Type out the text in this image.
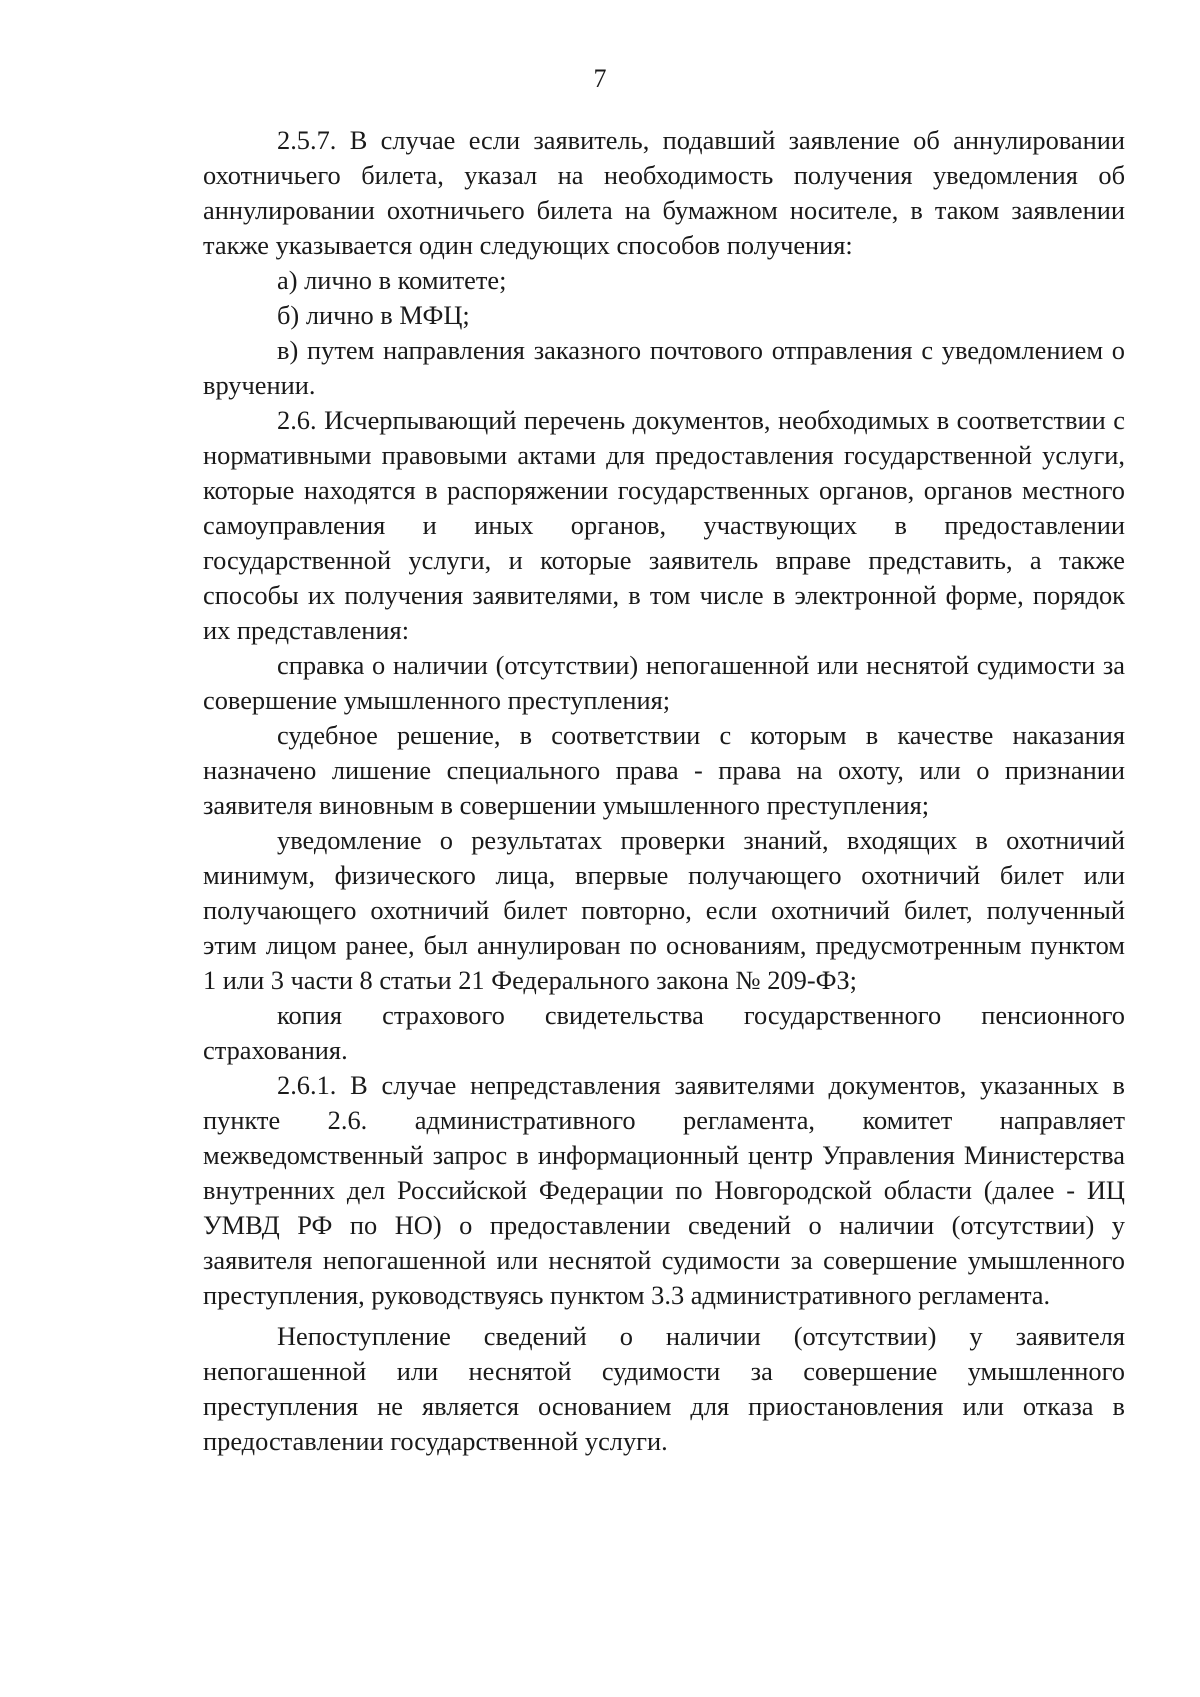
7

2.5.7. В случае если заявитель, подавший заявление об аннулировании охотничьего билета, указал на необходимость получения уведомления об аннулировании охотничьего билета на бумажном носителе, в таком заявлении также указывается один следующих способов получения:

а) лично в комитете;

б) лично в МФЦ;

в) путем направления заказного почтового отправления с уведомлением о вручении.

2.6. Исчерпывающий перечень документов, необходимых в соответствии с нормативными правовыми актами для предоставления государственной услуги, которые находятся в распоряжении государственных органов, органов местного самоуправления и иных органов, участвующих в предоставлении государственной услуги, и которые заявитель вправе представить, а также способы их получения заявителями, в том числе в электронной форме, порядок их представления:

справка о наличии (отсутствии) непогашенной или неснятой судимости за совершение умышленного преступления;

судебное решение, в соответствии с которым в качестве наказания назначено лишение специального права - права на охоту, или о признании заявителя виновным в совершении умышленного преступления;

уведомление о результатах проверки знаний, входящих в охотничий минимум, физического лица, впервые получающего охотничий билет или получающего охотничий билет повторно, если охотничий билет, полученный этим лицом ранее, был аннулирован по основаниям, предусмотренным пунктом 1 или 3 части 8 статьи 21 Федерального закона № 209-ФЗ;

копия страхового свидетельства государственного пенсионного страхования.

2.6.1. В случае непредставления заявителями документов, указанных в пункте 2.6. административного регламента, комитет направляет межведомственный запрос в информационный центр Управления Министерства внутренних дел Российской Федерации по Новгородской области (далее - ИЦ УМВД РФ по НО) о предоставлении сведений о наличии (отсутствии) у заявителя непогашенной или неснятой судимости за совершение умышленного преступления, руководствуясь пунктом 3.3 административного регламента.

Непоступление сведений о наличии (отсутствии) у заявителя непогашенной или неснятой судимости за совершение умышленного преступления не является основанием для приостановления или отказа в предоставлении государственной услуги.
